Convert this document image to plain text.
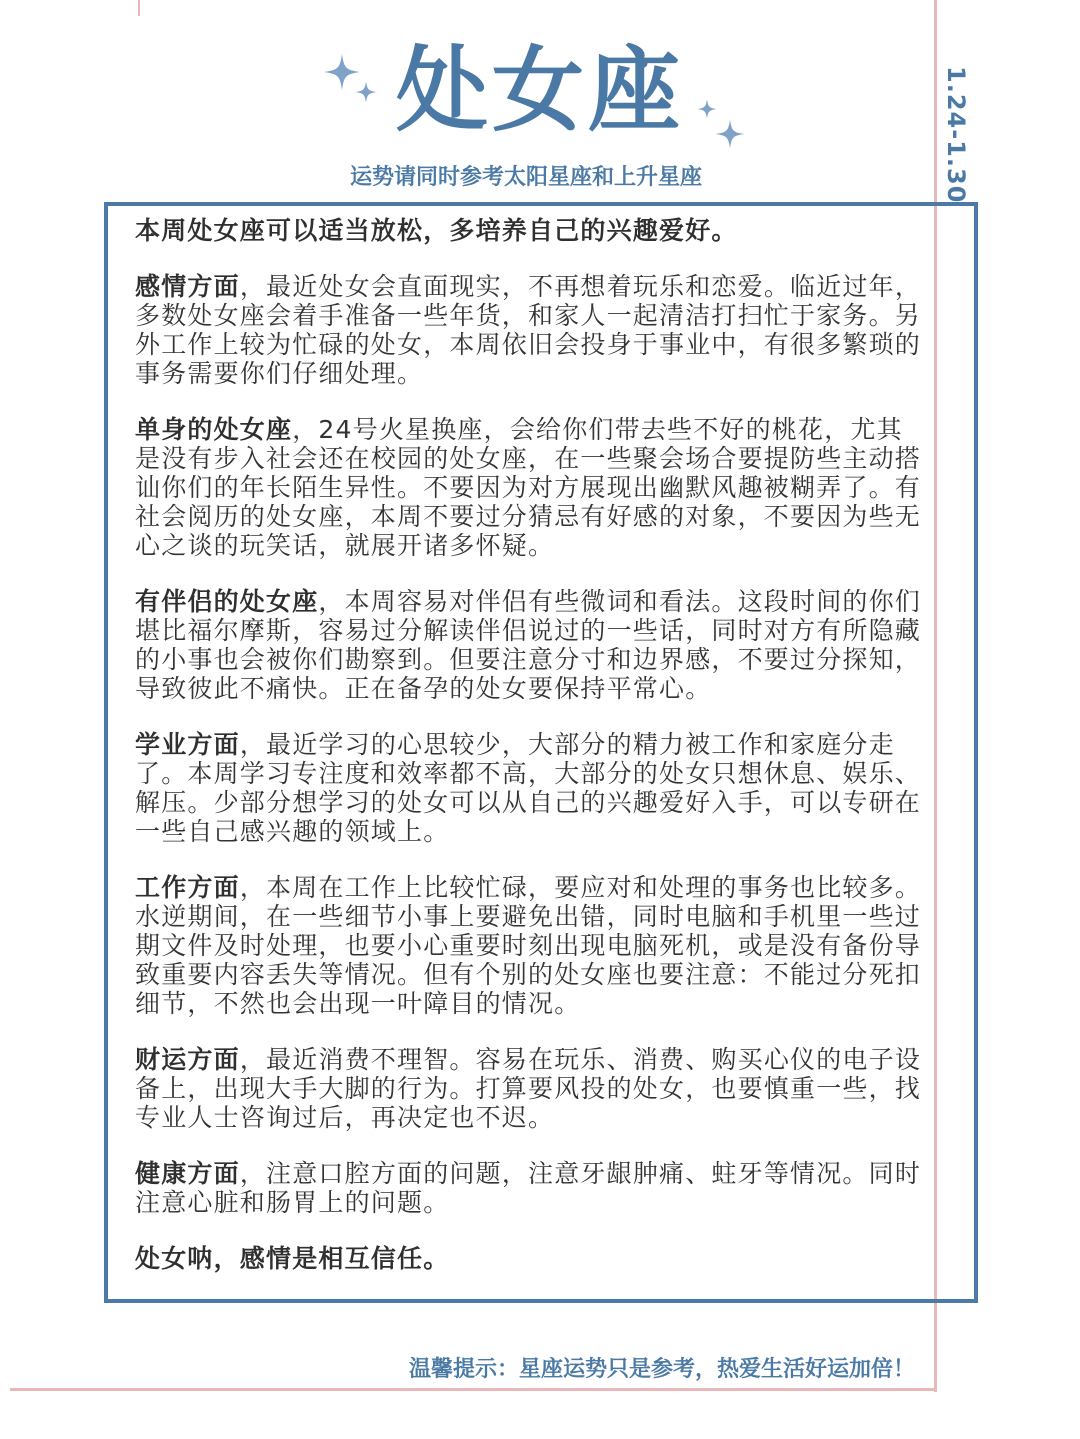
处女座
运势请同时参考太阳星座和上升星座	1.24-1.30

本周处女座可以适当放松，多培养自己的兴趣爱好。

感情方面，最近处女会直面现实，不再想着玩乐和恋爱。临近过年，多数处女座会着手准备一些年货，和家人一起清洁打扫忙于家务。另外工作上较为忙碌的处女，本周依旧会投身于事业中，有很多繁琐的事务需要你们仔细处理。

单身的处女座，24号火星换座，会给你们带去些不好的桃花，尤其是没有步入社会还在校园的处女座，在一些聚会场合要提防些主动搭讪你们的年长陌生异性。不要因为对方展现出幽默风趣被糊弄了。有社会阅历的处女座，本周不要过分猜忌有好感的对象，不要因为些无心之谈的玩笑话，就展开诸多怀疑。

有伴侣的处女座，本周容易对伴侣有些微词和看法。这段时间的你们堪比福尔摩斯，容易过分解读伴侣说过的一些话，同时对方有所隐藏的小事也会被你们勘察到。但要注意分寸和边界感，不要过分探知，导致彼此不痛快。正在备孕的处女要保持平常心。

学业方面，最近学习的心思较少，大部分的精力被工作和家庭分走了。本周学习专注度和效率都不高，大部分的处女只想休息、娱乐、解压。少部分想学习的处女可以从自己的兴趣爱好入手，可以专研在一些自己感兴趣的领域上。

工作方面，本周在工作上比较忙碌，要应对和处理的事务也比较多。水逆期间，在一些细节小事上要避免出错，同时电脑和手机里一些过期文件及时处理，也要小心重要时刻出现电脑死机，或是没有备份导致重要内容丢失等情况。但有个别的处女座也要注意：不能过分死扣细节，不然也会出现一叶障目的情况。

财运方面，最近消费不理智。容易在玩乐、消费、购买心仪的电子设备上，出现大手大脚的行为。打算要风投的处女，也要慎重一些，找专业人士咨询过后，再决定也不迟。

健康方面，注意口腔方面的问题，注意牙龈肿痛、蛀牙等情况。同时注意心脏和肠胃上的问题。

处女呐，感情是相互信任。

温馨提示：星座运势只是参考，热爱生活好运加倍！
